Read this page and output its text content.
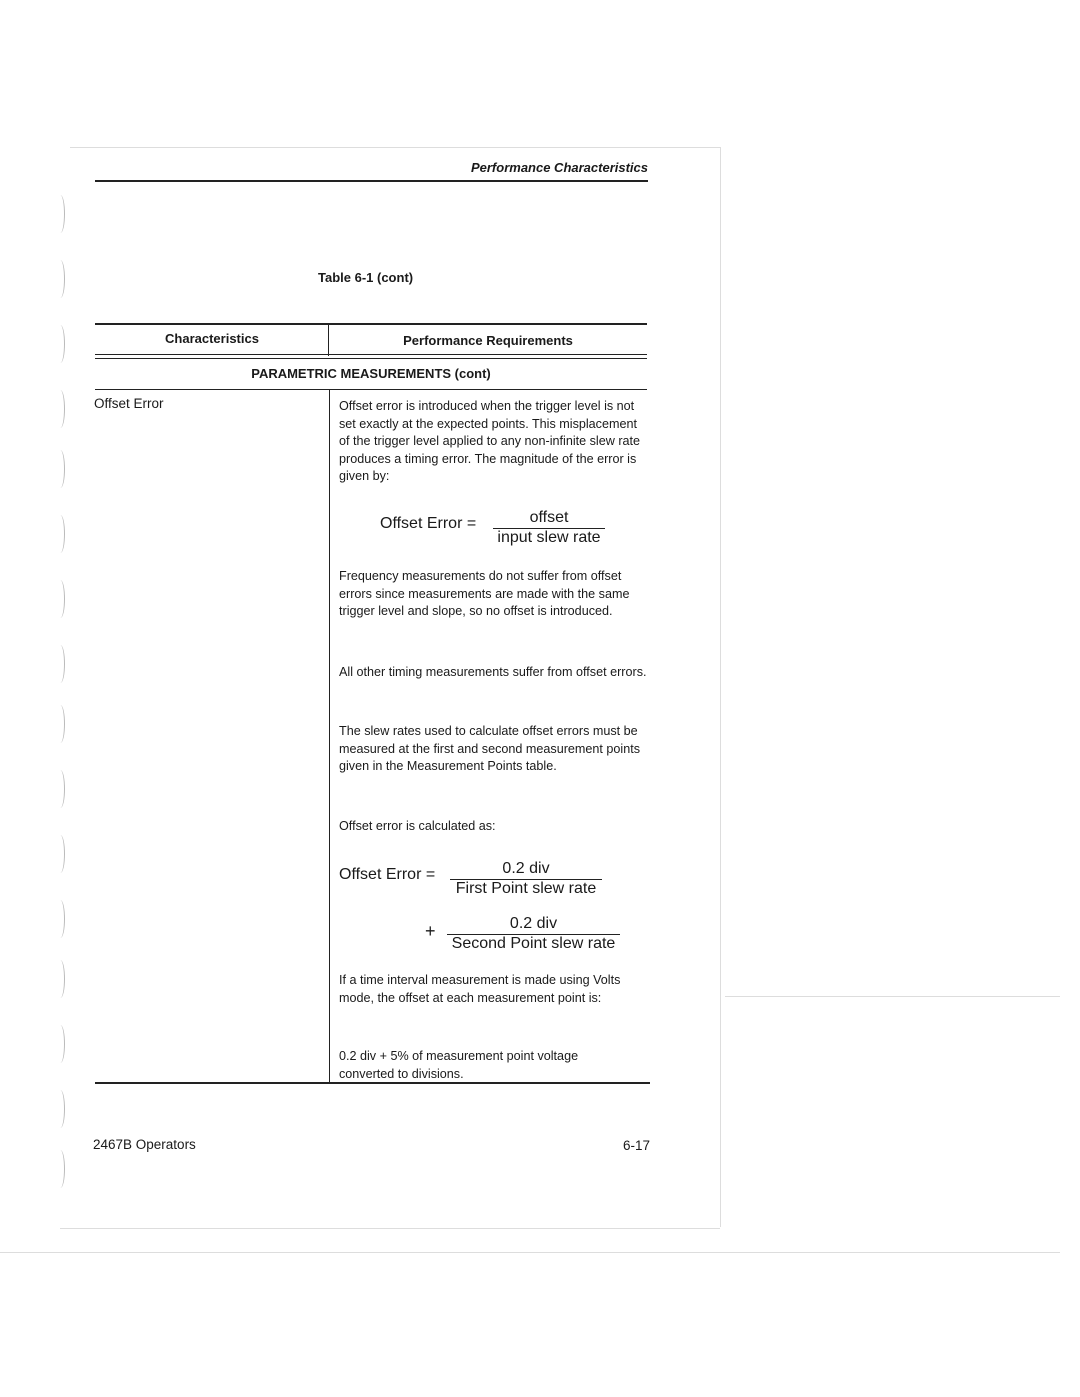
Performance Characteristics
Table 6-1 (cont)
Characteristics	Performance Requirements
PARAMETRIC MEASUREMENTS (cont)
Offset Error	Offset error is introduced when the trigger level is not set exactly at the expected points. This misplacement of the trigger level applied to any non-infinite slew rate produces a timing error. The magnitude of the error is given by:
Offset Error =	offset
input slew rate
Frequency measurements do not suffer from offset errors since measurements are made with the same trigger level and slope, so no offset is introduced.
All other timing measurements suffer from offset errors.
The slew rates used to calculate offset errors must be measured at the first and second measurement points given in the Measurement Points table.
Offset error is calculated as:
Offset Error =	0.2 div
First Point slew rate
+	0.2 div
Second Point slew rate
If a time interval measurement is made using Volts mode, the offset at each measurement point is:
0.2 div + 5% of measurement point voltage converted to divisions.
2467B Operators	6-17
